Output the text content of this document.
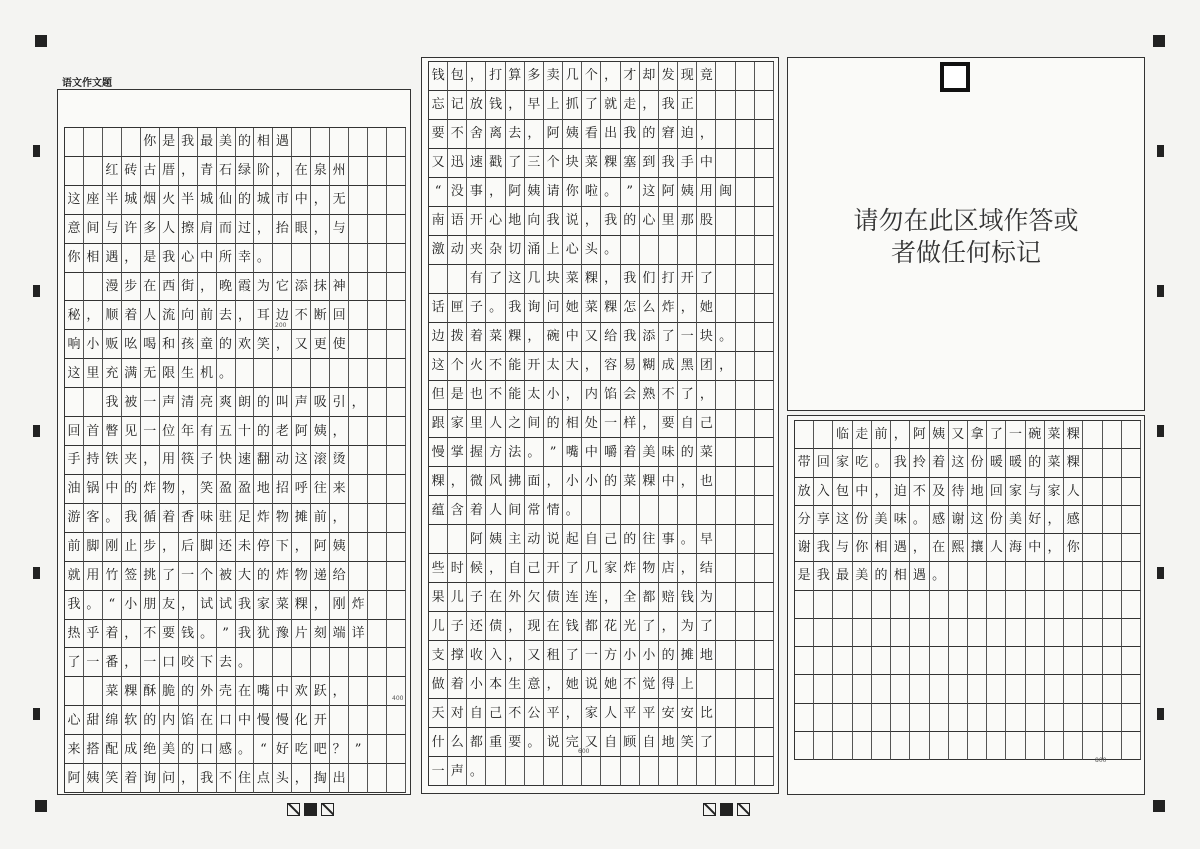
语文作文题
你 是 我 最 美 的 相 遇
红 砖 古 厝 ， 青 石 绿 阶 ， 在 泉 州
这 座 半 城 烟 火 半 城 仙 的 城 市 中 ， 无
意 间 与 许 多 人 擦 肩 而 过 ， 抬 眼 ， 与
你 相 遇 ， 是 我 心 中 所 幸 。
漫 步 在 西 街 ， 晚 霞 为 它 添 抹 神
秘 ， 顺 着 人 流 向 前 去 ， 耳 边 不 断 回
响 小 贩 吆 喝 和 孩 童 的 欢 笑 ， 又 更 使
这 里 充 满 无 限 生 机 。
我 被 一 声 清 亮 爽 朗 的 叫 声 吸 引 ，
回 首 瞥 见 一 位 年 有 五 十 的 老 阿 姨 ，
手 持 铁 夹 ， 用 筷 子 快 速 翻 动 这 滚 烫
油 锅 中 的 炸 物 ， 笑 盈 盈 地 招 呼 往 来
游 客 。 我 循 着 香 味 驻 足 炸 物 摊 前 ，
前 脚 刚 止 步 ， 后 脚 还 未 停 下 ， 阿 姨
就 用 竹 签 挑 了 一 个 被 大 的 炸 物 递 给
我 。 “ 小 朋 友 ， 试 试 我 家 菜 粿 ， 刚 炸
热 乎 着 ， 不 要 钱 。 ” 我 犹 豫 片 刻 端 详
了 一 番 ， 一 口 咬 下 去 。
菜 粿 酥 脆 的 外 壳 在 嘴 中 欢 跃 ，
心 甜 绵 软 的 内 馅 在 口 中 慢 慢 化 开
来 搭 配 成 绝 美 的 口 感 。 “ 好 吃 吧 ？ ”
阿 姨 笑 着 询 问 ， 我 不 住 点 头 ， 掏 出
钱 包 ， 打 算 多 卖 几 个 ， 才 却 发 现 竟
忘 记 放 钱 ， 早 上 抓 了 就 走 ， 我 正
要 不 舍 离 去 ， 阿 姨 看 出 我 的 窘 迫 ，
又 迅 速 戳 了 三 个 块 菜 粿 塞 到 我 手 中
“ 没 事 ， 阿 姨 请 你 啦 。 ” 这 阿 姨 用 闽
南 语 开 心 地 向 我 说 ， 我 的 心 里 那 股
激 动 夹 杂 切 涌 上 心 头 。
有 了 这 几 块 菜 粿 ， 我 们 打 开 了
话 匣 子 。 我 询 问 她 菜 粿 怎 么 炸 ， 她
边 拨 着 菜 粿 ， 碗 中 又 给 我 添 了 一 块 。
这 个 火 不 能 开 太 大 ， 容 易 糊 成 黑 团 ，
但 是 也 不 能 太 小 ， 内 馅 会 熟 不 了 ，
跟 家 里 人 之 间 的 相 处 一 样 ， 要 自 己
慢 掌 握 方 法 。 ” 嘴 中 嚼 着 美 味 的 菜
粿 ， 微 风 拂 面 ， 小 小 的 菜 粿 中 ， 也
蕴 含 着 人 间 常 情 。
阿 姨 主 动 说 起 自 己 的 往 事 。 早
些 时 候 ， 自 己 开 了 几 家 炸 物 店 ， 结
果 儿 子 在 外 欠 债 连 连 ， 全 都 赔 钱 为
儿 子 还 债 ， 现 在 钱 都 花 光 了 ， 为 了
支 撑 收 入 ， 又 租 了 一 方 小 小 的 摊 地
做 着 小 本 生 意 ， 她 说 她 不 觉 得 上
天 对 自 己 不 公 平 ， 家 人 平 平 安 安 比
什 么 都 重 要 。 说 完 又 自 顾 自 地 笑 了
一 声 。
请勿在此区域作答或
者做任何标记
临 走 前 ， 阿 姨 又 拿 了 一 碗 菜 粿
带 回 家 吃 。 我 拎 着 这 份 暖 暖 的 菜 粿
放 入 包 中 ， 迫 不 及 待 地 回 家 与 家 人
分 享 这 份 美 味 。 感 谢 这 份 美 好 ， 感
谢 我 与 你 相 遇 ， 在 熙 攘 人 海 中 ， 你
是 我 最 美 的 相 遇 。
200
400
600
800
